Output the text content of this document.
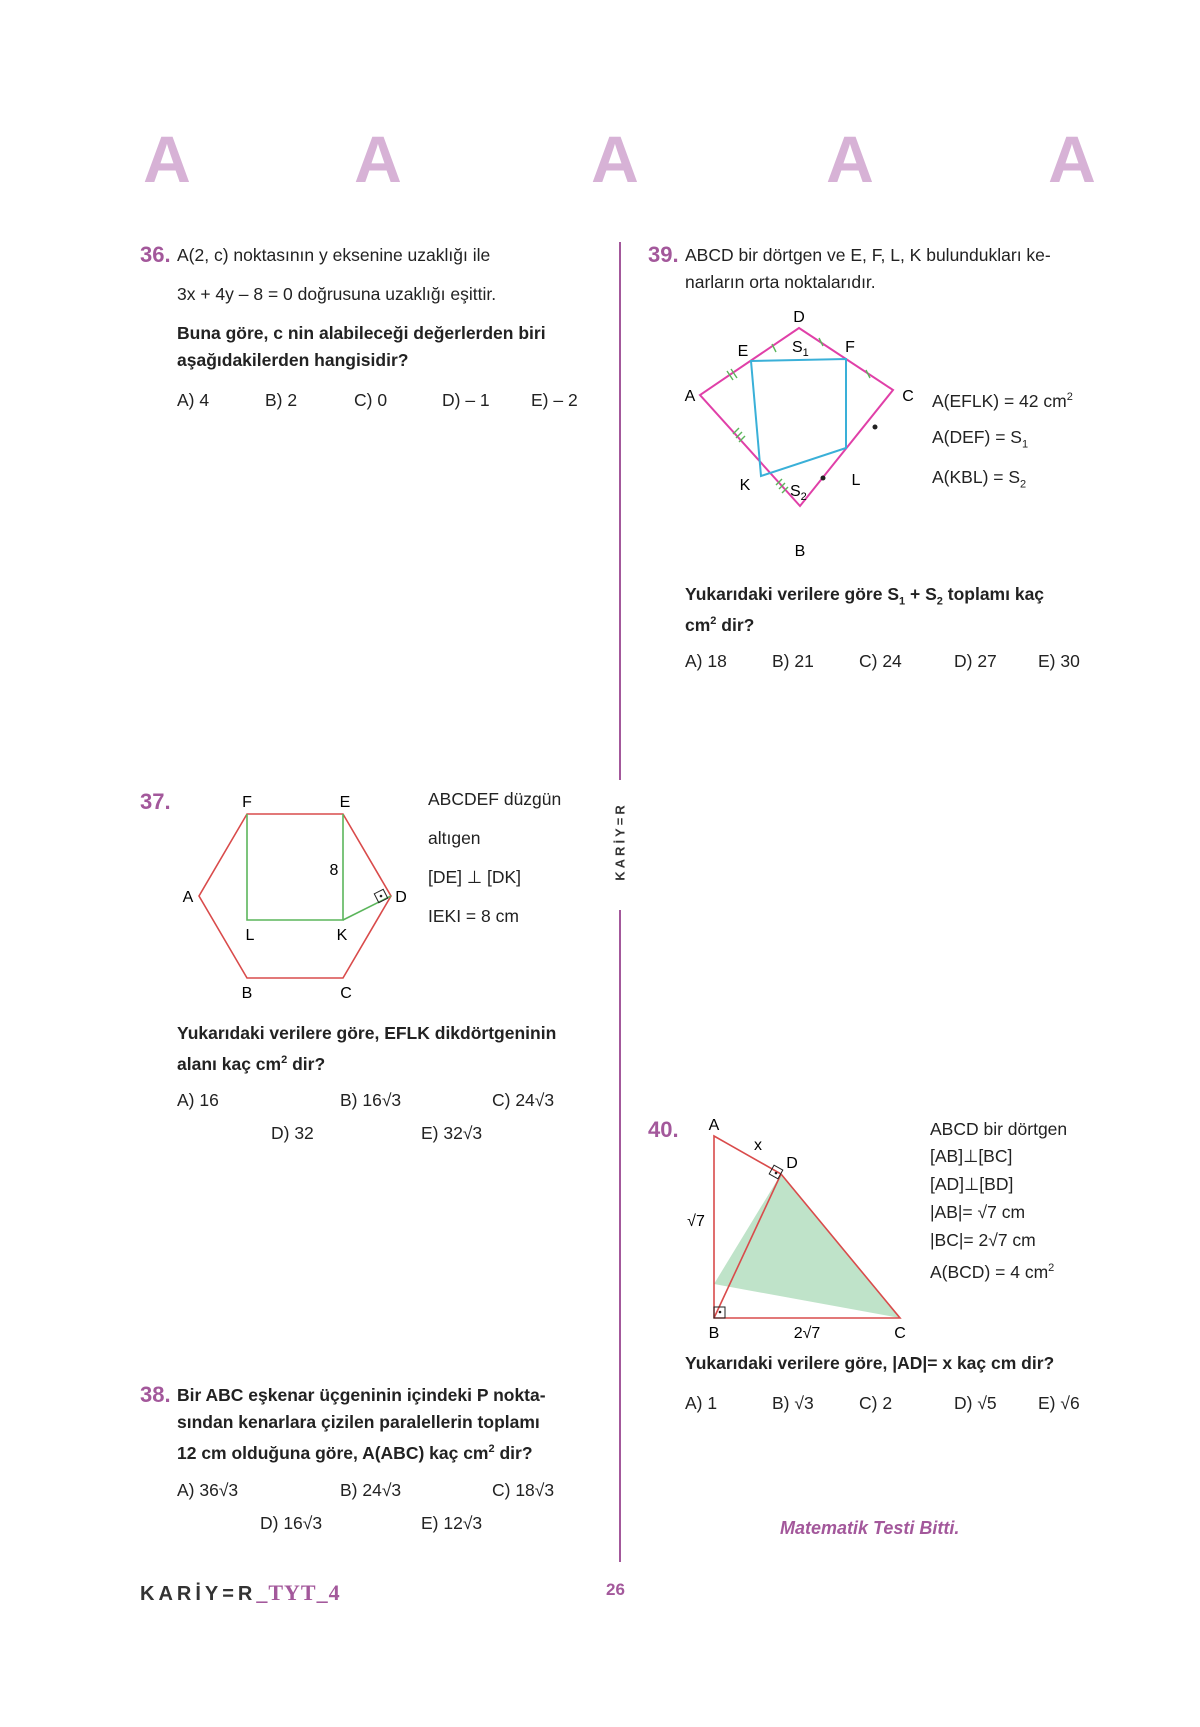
A A	A	A	A
KARİY=R
36. A(2, c) noktasının y eksenine uzaklığı ile
3x + 4y – 8 = 0 doğrusuna uzaklığı eşittir.
Buna göre, c nin alabileceği değerlerden biri
aşağıdakilerden hangisidir?
A) 4	B) 2	C) 0	D) – 1 E) – 2
37.	F	E
A	D
L	K
B	C
8
ABCDEF düzgün
altıgen
[DE] ⊥ [DK]
IEKI = 8 cm
Yukarıdaki verilere göre, EFLK dikdörtgeninin
alanı kaç $cm^2$ dir?
A) 16	B) 16√3	C) 24√3
D) 32	E) 32√3
38. Bir ABC eşkenar üçgeninin içindeki P nokta-
sından kenarlara çizilen paralellerin toplamı
12 cm olduğuna göre, A(ABC) kaç $cm^2$ dir?
A) 36√3	B) 24√3	C) 18√3
D) 16√3	E) 12√3
39. ABCD bir dörtgen ve E, F, L, K bulundukları ke-
narların orta noktalarıdır.
D
E	F
A	C
K	L
B
$S_1$
$S_2$
A(EFLK) = 42 $cm^2$
$A(DEF) = S_1$
$A(KBL) = S_2$
Yukarıdaki verilere göre $S_1 + S_2$ toplamı kaç
$cm^2$ dir?
A) 18	B) 21	C) 24	D) 27 E) 30
40. A
x
D
B	C
√7
2√7
ABCD bir dörtgen
[AB]⊥[BC]
[AD]⊥[BD]
|AB|= √7 cm
|BC|= 2√7 cm
A(BCD) = 4 $cm^2$
Yukarıdaki verilere göre, |AD|= x kaç cm dir?
A) 1	B) √3	C) 2	D) √5 E) √6
Matematik Testi Bitti.
KARİY=R_TYT_4	26
